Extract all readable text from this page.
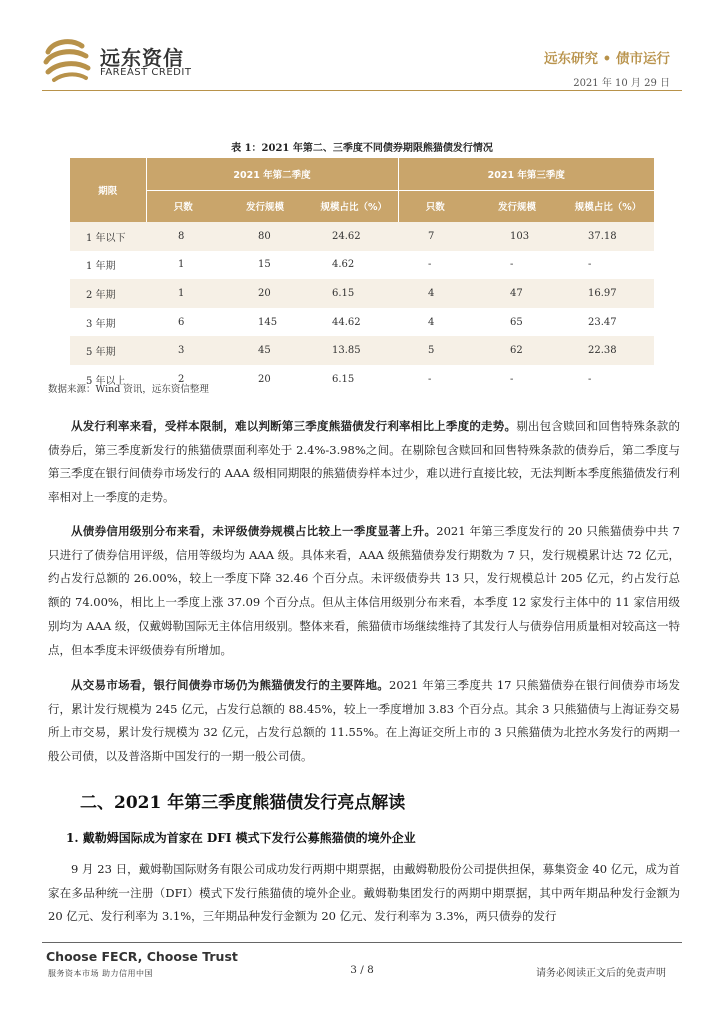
远东资信
FAREAST CREDIT
远东研究 • 债市运行
2021 年 10 月 29 日
表 1：2021 年第二、三季度不同债券期限熊猫债发行情况
期限	2021 年第二季度			2021 年第三季度		
	只数	发行规模	规模占比（%）	只数	发行规模	规模占比（%）
1 年以下	8	80	24.62	7	103	37.18
1 年期	1	15	4.62	-	-	-
2 年期	1	20	6.15	4	47	16.97
3 年期	6	145	44.62	4	65	23.47
5 年期	3	45	13.85	5	62	22.38
5 年以上	2	20	6.15	-	-	-
数据来源：Wind 资讯，远东资信整理
从发行利率来看，受样本限制，难以判断第三季度熊猫债发行利率相比上季度的走势。剔出包含赎回和回售特殊条款的债券后，第三季度新发行的熊猫债票面利率处于 2.4%-3.98%之间。在剔除包含赎回和回售特殊条款的债券后，第二季度与第三季度在银行间债券市场发行的 AAA 级相同期限的熊猫债券样本过少，难以进行直接比较，无法判断本季度熊猫债发行利率相对上一季度的走势。
从债券信用级别分布来看，未评级债券规模占比较上一季度显著上升。2021 年第三季度发行的 20 只熊猫债券中共 7 只进行了债券信用评级，信用等级均为 AAA 级。具体来看，AAA 级熊猫债券发行期数为 7 只，发行规模累计达 72 亿元，约占发行总额的 26.00%，较上一季度下降 32.46 个百分点。未评级债券共 13 只，发行规模总计 205 亿元，约占发行总额的 74.00%，相比上一季度上涨 37.09 个百分点。但从主体信用级别分布来看，本季度 12 家发行主体中的 11 家信用级别均为 AAA 级，仅戴姆勒国际无主体信用级别。整体来看，熊猫债市场继续维持了其发行人与债券信用质量相对较高这一特点，但本季度未评级债券有所增加。
从交易市场看，银行间债券市场仍为熊猫债发行的主要阵地。2021 年第三季度共 17 只熊猫债券在银行间债券市场发行，累计发行规模为 245 亿元，占发行总额的 88.45%，较上一季度增加 3.83 个百分点。其余 3 只熊猫债与上海证券交易所上市交易，累计发行规模为 32 亿元，占发行总额的 11.55%。在上海证交所上市的 3 只熊猫债为北控水务发行的两期一般公司债，以及普洛斯中国发行的一期一般公司债。
二、2021 年第三季度熊猫债发行亮点解读
1. 戴勒姆国际成为首家在 DFI 模式下发行公募熊猫债的境外企业
9 月 23 日，戴姆勒国际财务有限公司成功发行两期中期票据，由戴姆勒股份公司提供担保，募集资金 40 亿元，成为首家在多品种统一注册（DFI）模式下发行熊猫债的境外企业。戴姆勒集团发行的两期中期票据，其中两年期品种发行金额为 20 亿元、发行利率为 3.1%，三年期品种发行金额为 20 亿元、发行利率为 3.3%，两只债券的发行
Choose FECR, Choose Trust
服务资本市场 助力信用中国	3 / 8	请务必阅读正文后的免责声明
